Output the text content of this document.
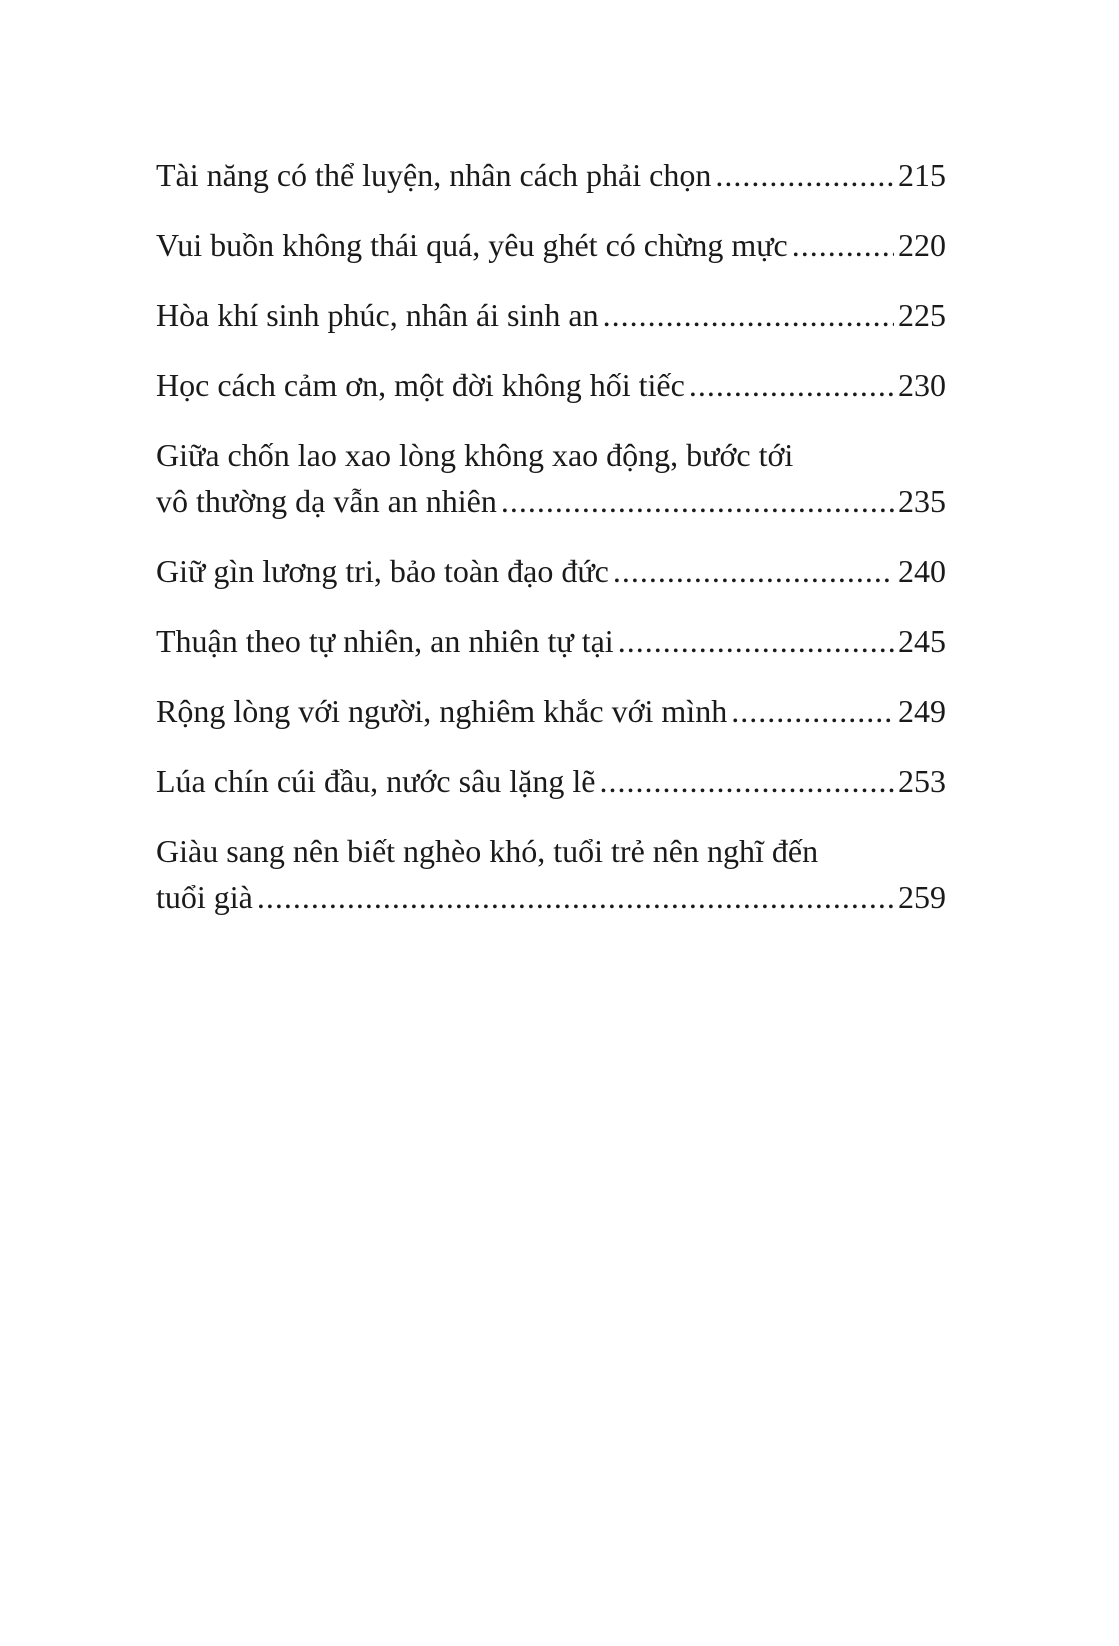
Tài năng có thể luyện, nhân cách phải chọn .....	215
Vui buồn không thái quá, yêu ghét có chừng mực .....	220
Hòa khí sinh phúc, nhân ái sinh an .....	225
Học cách cảm ơn, một đời không hối tiếc .....	230
Giữa chốn lao xao lòng không xao động, bước tới
vô thường dạ vẫn an nhiên .....	235
Giữ gìn lương tri, bảo toàn đạo đức .....	240
Thuận theo tự nhiên, an nhiên tự tại .....	245
Rộng lòng với người, nghiêm khắc với mình .....	249
Lúa chín cúi đầu, nước sâu lặng lẽ .....	253
Giàu sang nên biết nghèo khó, tuổi trẻ nên nghĩ đến
tuổi già .....	259
